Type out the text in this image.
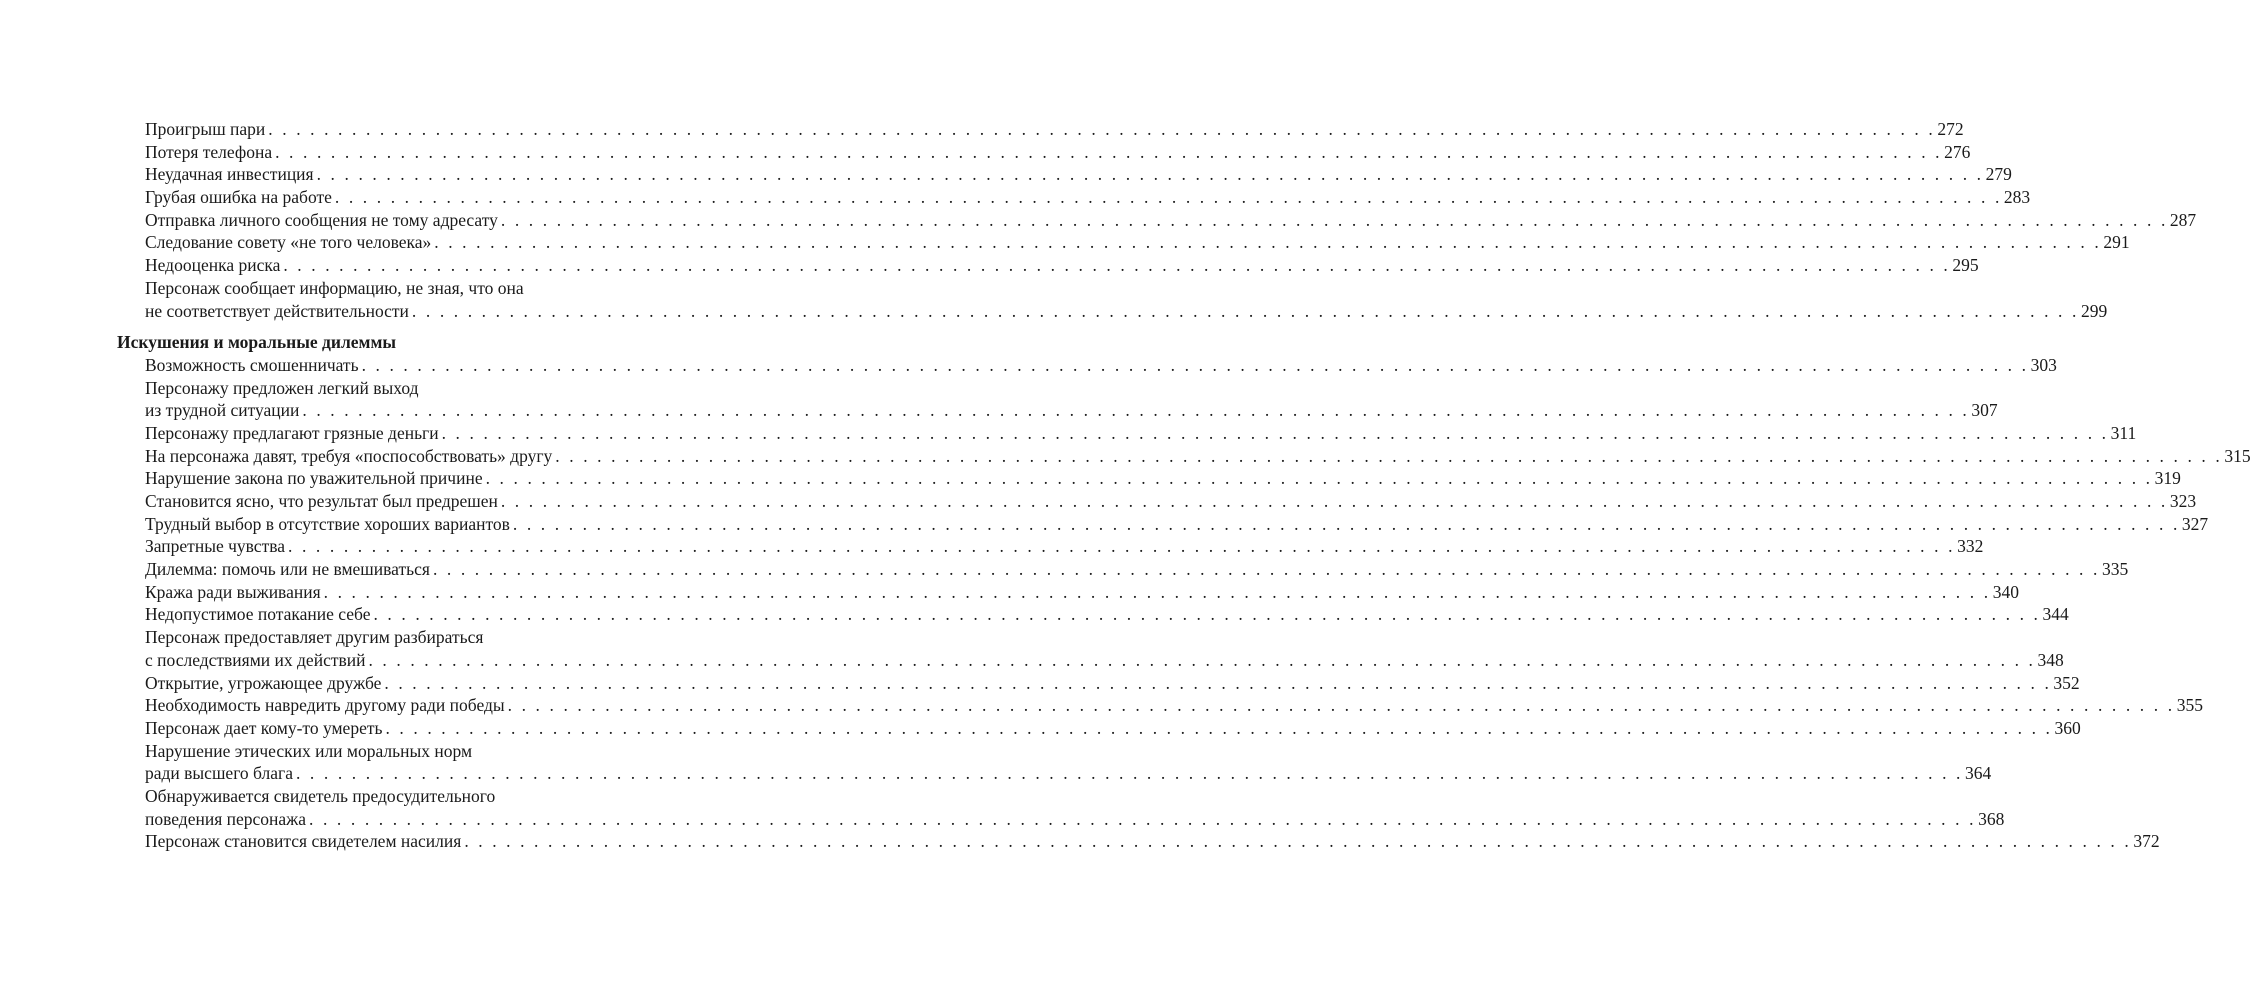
Проигрыш пари . . . . . . . . . . . . . . . . . . . . . . . . . . . . . . . . . . . . . . . . . . . . . . . . . . . . . . . . . . . . . . . . . . . . . . . . . . . . . . . . . . . . . . . . . . . . . . . . . . . . . . . . . . . . . . . . . . . . . . . . 272
Потеря телефона . . . . . . . . . . . . . . . . . . . . . . . . . . . . . . . . . . . . . . . . . . . . . . . . . . . . . . . . . . . . . . . . . . . . . . . . . . . . . . . . . . . . . . . . . . . . . . . . . . . . . . . . . . . . . . . . . . . . . . . . 276
Неудачная инвестиция . . . . . . . . . . . . . . . . . . . . . . . . . . . . . . . . . . . . . . . . . . . . . . . . . . . . . . . . . . . . . . . . . . . . . . . . . . . . . . . . . . . . . . . . . . . . . . . . . . . . . . . . . . . . . . . . . . . . . . . . 279
Грубая ошибка на работе . . . . . . . . . . . . . . . . . . . . . . . . . . . . . . . . . . . . . . . . . . . . . . . . . . . . . . . . . . . . . . . . . . . . . . . . . . . . . . . . . . . . . . . . . . . . . . . . . . . . . . . . . . . . . . . . . . . . . . . . 283
Отправка личного сообщения не тому адресату . . . . . . . . . . . . . . . . . . . . . . . . . . . . . . . . . . . . . . . . . . . . . . . . . . . . . . . . . . . . . . . . . . . . . . . . . . . . . . . . . . . . . . . . . . . . . . . . . . . . . . . . . . . . . . . . . . . . . . . . 287
Следование совету «не того человека» . . . . . . . . . . . . . . . . . . . . . . . . . . . . . . . . . . . . . . . . . . . . . . . . . . . . . . . . . . . . . . . . . . . . . . . . . . . . . . . . . . . . . . . . . . . . . . . . . . . . . . . . . . . . . . . . . . . . . . . . 291
Недооценка риска . . . . . . . . . . . . . . . . . . . . . . . . . . . . . . . . . . . . . . . . . . . . . . . . . . . . . . . . . . . . . . . . . . . . . . . . . . . . . . . . . . . . . . . . . . . . . . . . . . . . . . . . . . . . . . . . . . . . . . . . 295
Персонаж сообщает информацию, не зная, что она
не соответствует действительности . . . . . . . . . . . . . . . . . . . . . . . . . . . . . . . . . . . . . . . . . . . . . . . . . . . . . . . . . . . . . . . . . . . . . . . . . . . . . . . . . . . . . . . . . . . . . . . . . . . . . . . . . . . . . . . . . . . . . . . . 299
Искушения и моральные дилеммы
Возможность смошенничать . . . . . . . . . . . . . . . . . . . . . . . . . . . . . . . . . . . . . . . . . . . . . . . . . . . . . . . . . . . . . . . . . . . . . . . . . . . . . . . . . . . . . . . . . . . . . . . . . . . . . . . . . . . . . . . . . . . . . . . . 303
Персонажу предложен легкий выход
из трудной ситуации . . . . . . . . . . . . . . . . . . . . . . . . . . . . . . . . . . . . . . . . . . . . . . . . . . . . . . . . . . . . . . . . . . . . . . . . . . . . . . . . . . . . . . . . . . . . . . . . . . . . . . . . . . . . . . . . . . . . . . . . 307
Персонажу предлагают грязные деньги . . . . . . . . . . . . . . . . . . . . . . . . . . . . . . . . . . . . . . . . . . . . . . . . . . . . . . . . . . . . . . . . . . . . . . . . . . . . . . . . . . . . . . . . . . . . . . . . . . . . . . . . . . . . . . . . . . . . . . . . 311
На персонажа давят, требуя «поспособствовать» другу . . . . . . . . . . . . . . . . . . . . . . . . . . . . . . . . . . . . . . . . . . . . . . . . . . . . . . . . . . . . . . . . . . . . . . . . . . . . . . . . . . . . . . . . . . . . . . . . . . . . . . . . . . . . . . . . . . . . . . . . 315
Нарушение закона по уважительной причине . . . . . . . . . . . . . . . . . . . . . . . . . . . . . . . . . . . . . . . . . . . . . . . . . . . . . . . . . . . . . . . . . . . . . . . . . . . . . . . . . . . . . . . . . . . . . . . . . . . . . . . . . . . . . . . . . . . . . . . . 319
Становится ясно, что результат был предрешен . . . . . . . . . . . . . . . . . . . . . . . . . . . . . . . . . . . . . . . . . . . . . . . . . . . . . . . . . . . . . . . . . . . . . . . . . . . . . . . . . . . . . . . . . . . . . . . . . . . . . . . . . . . . . . . . . . . . . . . . 323
Трудный выбор в отсутствие хороших вариантов . . . . . . . . . . . . . . . . . . . . . . . . . . . . . . . . . . . . . . . . . . . . . . . . . . . . . . . . . . . . . . . . . . . . . . . . . . . . . . . . . . . . . . . . . . . . . . . . . . . . . . . . . . . . . . . . . . . . . . . . 327
Запретные чувства . . . . . . . . . . . . . . . . . . . . . . . . . . . . . . . . . . . . . . . . . . . . . . . . . . . . . . . . . . . . . . . . . . . . . . . . . . . . . . . . . . . . . . . . . . . . . . . . . . . . . . . . . . . . . . . . . . . . . . . . 332
Дилемма: помочь или не вмешиваться . . . . . . . . . . . . . . . . . . . . . . . . . . . . . . . . . . . . . . . . . . . . . . . . . . . . . . . . . . . . . . . . . . . . . . . . . . . . . . . . . . . . . . . . . . . . . . . . . . . . . . . . . . . . . . . . . . . . . . . . 335
Кража ради выживания . . . . . . . . . . . . . . . . . . . . . . . . . . . . . . . . . . . . . . . . . . . . . . . . . . . . . . . . . . . . . . . . . . . . . . . . . . . . . . . . . . . . . . . . . . . . . . . . . . . . . . . . . . . . . . . . . . . . . . . . 340
Недопустимое потакание себе . . . . . . . . . . . . . . . . . . . . . . . . . . . . . . . . . . . . . . . . . . . . . . . . . . . . . . . . . . . . . . . . . . . . . . . . . . . . . . . . . . . . . . . . . . . . . . . . . . . . . . . . . . . . . . . . . . . . . . . . 344
Персонаж предоставляет другим разбираться
с последствиями их действий . . . . . . . . . . . . . . . . . . . . . . . . . . . . . . . . . . . . . . . . . . . . . . . . . . . . . . . . . . . . . . . . . . . . . . . . . . . . . . . . . . . . . . . . . . . . . . . . . . . . . . . . . . . . . . . . . . . . . . . . 348
Открытие, угрожающее дружбе . . . . . . . . . . . . . . . . . . . . . . . . . . . . . . . . . . . . . . . . . . . . . . . . . . . . . . . . . . . . . . . . . . . . . . . . . . . . . . . . . . . . . . . . . . . . . . . . . . . . . . . . . . . . . . . . . . . . . . . . 352
Необходимость навредить другому ради победы . . . . . . . . . . . . . . . . . . . . . . . . . . . . . . . . . . . . . . . . . . . . . . . . . . . . . . . . . . . . . . . . . . . . . . . . . . . . . . . . . . . . . . . . . . . . . . . . . . . . . . . . . . . . . . . . . . . . . . . . 355
Персонаж дает кому-то умереть . . . . . . . . . . . . . . . . . . . . . . . . . . . . . . . . . . . . . . . . . . . . . . . . . . . . . . . . . . . . . . . . . . . . . . . . . . . . . . . . . . . . . . . . . . . . . . . . . . . . . . . . . . . . . . . . . . . . . . . . 360
Нарушение этических или моральных норм
ради высшего блага . . . . . . . . . . . . . . . . . . . . . . . . . . . . . . . . . . . . . . . . . . . . . . . . . . . . . . . . . . . . . . . . . . . . . . . . . . . . . . . . . . . . . . . . . . . . . . . . . . . . . . . . . . . . . . . . . . . . . . . . 364
Обнаруживается свидетель предосудительного
поведения персонажа . . . . . . . . . . . . . . . . . . . . . . . . . . . . . . . . . . . . . . . . . . . . . . . . . . . . . . . . . . . . . . . . . . . . . . . . . . . . . . . . . . . . . . . . . . . . . . . . . . . . . . . . . . . . . . . . . . . . . . . . 368
Персонаж становится свидетелем насилия . . . . . . . . . . . . . . . . . . . . . . . . . . . . . . . . . . . . . . . . . . . . . . . . . . . . . . . . . . . . . . . . . . . . . . . . . . . . . . . . . . . . . . . . . . . . . . . . . . . . . . . . . . . . . . . . . . . . . . . . 372
